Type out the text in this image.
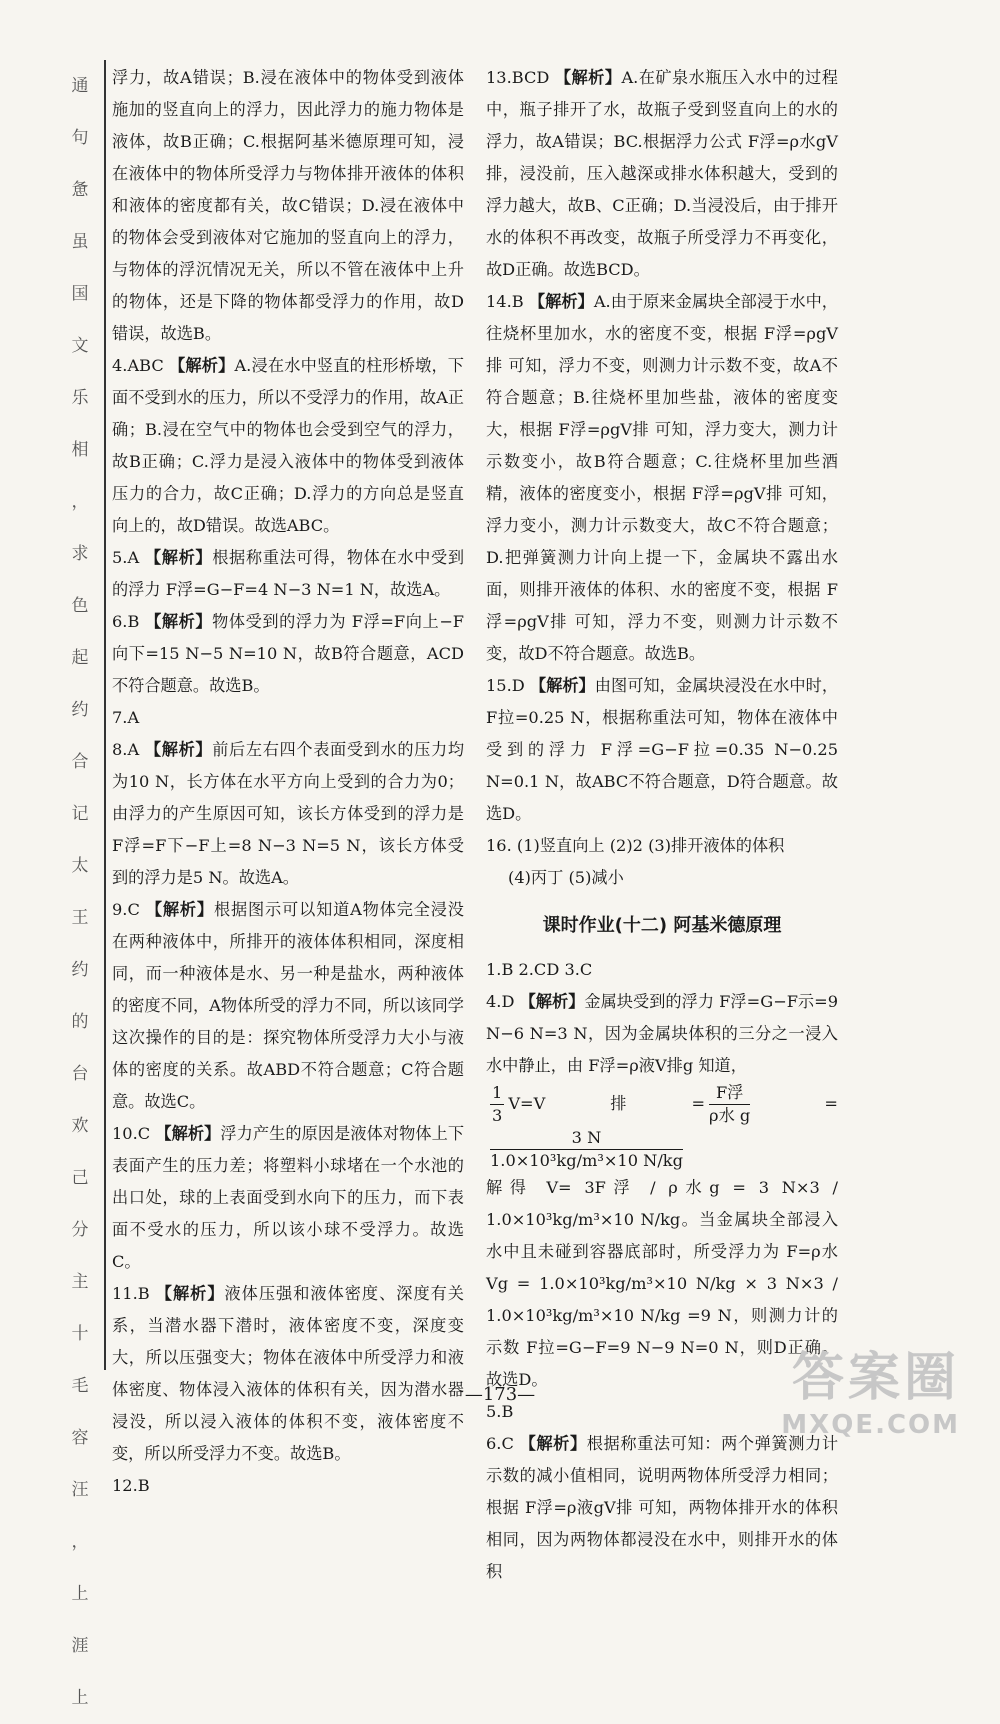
通
句
惫
虽
国
文
乐
相
，
求
色
起
约
合
记
太
王
约
的
台
欢
己
分
主
十
毛
容
汪
，
上
涯
上

浮力，故A错误；B.浸在液体中的物体受到液体施加的竖直向上的浮力，因此浮力的施力物体是液体，故B正确；C.根据阿基米德原理可知，浸在液体中的物体所受浮力与物体排开液体的体积和液体的密度都有关，故C错误；D.浸在液体中的物体会受到液体对它施加的竖直向上的浮力，与物体的浮沉情况无关，所以不管在液体中上升的物体，还是下降的物体都受浮力的作用，故D错误，故选B。

4.ABC 【解析】A.浸在水中竖直的柱形桥墩，下面不受到水的压力，所以不受浮力的作用，故A正确；B.浸在空气中的物体也会受到空气的浮力，故B正确；C.浮力是浸入液体中的物体受到液体压力的合力，故C正确；D.浮力的方向总是竖直向上的，故D错误。故选ABC。

5.A 【解析】根据称重法可得，物体在水中受到的浮力 F浮=G−F=4 N−3 N=1 N，故选A。

6.B 【解析】物体受到的浮力为 F浮=F向上−F向下=15 N−5 N=10 N，故B符合题意，ACD不符合题意。故选B。

7.A

8.A 【解析】前后左右四个表面受到水的压力均为10 N，长方体在水平方向上受到的合力为0；由浮力的产生原因可知，该长方体受到的浮力是 F浮=F下−F上=8 N−3 N=5 N，该长方体受到的浮力是5 N。故选A。

9.C 【解析】根据图示可以知道A物体完全浸没在两种液体中，所排开的液体体积相同，深度相同，而一种液体是水、另一种是盐水，两种液体的密度不同，A物体所受的浮力不同，所以该同学这次操作的目的是：探究物体所受浮力大小与液体的密度的关系。故ABD不符合题意；C符合题意。故选C。

10.C 【解析】浮力产生的原因是液体对物体上下表面产生的压力差；将塑料小球堵在一个水池的出口处，球的上表面受到水向下的压力，而下表面不受水的压力，所以该小球不受浮力。故选C。

11.B 【解析】液体压强和液体密度、深度有关系，当潜水器下潜时，液体密度不变，深度变大，所以压强变大；物体在液体中所受浮力和液体密度、物体浸入液体的体积有关，因为潜水器浸没，所以浸入液体的体积不变，液体密度不变，所以所受浮力不变。故选B。

12.B

13.BCD 【解析】A.在矿泉水瓶压入水中的过程中，瓶子排开了水，故瓶子受到竖直向上的水的浮力，故A错误；BC.根据浮力公式 F浮=ρ水gV排，浸没前，压入越深或排水体积越大，受到的浮力越大，故B、C正确；D.当浸没后，由于排开水的体积不再改变，故瓶子所受浮力不再变化，故D正确。故选BCD。

14.B 【解析】A.由于原来金属块全部浸于水中，往烧杯里加水，水的密度不变，根据 F浮=ρgV排 可知，浮力不变，则测力计示数不变，故A不符合题意；B.往烧杯里加些盐，液体的密度变大，根据 F浮=ρgV排 可知，浮力变大，测力计示数变小，故B符合题意；C.往烧杯里加些酒精，液体的密度变小，根据 F浮=ρgV排 可知，浮力变小，测力计示数变大，故C不符合题意；D.把弹簧测力计向上提一下，金属块不露出水面，则排开液体的体积、水的密度不变，根据 F浮=ρgV排 可知，浮力不变，则测力计示数不变，故D不符合题意。故选B。

15.D 【解析】由图可知，金属块浸没在水中时，F拉=0.25 N，根据称重法可知，物体在液体中受到的浮力 F浮=G−F拉=0.35 N−0.25 N=0.1 N，故ABC不符合题意，D符合题意。故选D。

16. (1)竖直向上 (2)2 (3)排开液体的体积

(4)丙丁 (5)减小

课时作业(十二) 阿基米德原理

1.B 2.CD 3.C

4.D 【解析】金属块受到的浮力 F浮=G−F示=9 N−6 N=3 N，因为金属块体积的三分之一浸入水中静止，由 F浮=ρ液V排g 知道，

$\frac{1}{3} V=V$排= $\frac{\text{F浮}}{\text{ρ水 g}}$ =
$\frac{3 N}{\text{1.0×10³kg/m³×10 N/kg}}$

解得 V= 3F浮 / ρ水g = 3 N×3 / 1.0×10³kg/m³×10 N/kg。当金属块全部浸入水中且未碰到容器底部时，所受浮力为 F=ρ水Vg = 1.0×10³kg/m³×10 N/kg × 3 N×3 / 1.0×10³kg/m³×10 N/kg =9 N，则测力计的示数 F拉=G−F=9 N−9 N=0 N，则D正确。故选D。

5.B

6.C 【解析】根据称重法可知：两个弹簧测力计示数的减小值相同，说明两物体所受浮力相同；根据 F浮=ρ液gV排 可知，两物体排开水的体积相同，因为两物体都浸没在水中，则排开水的体积

—173—	答案圈
MXQE.COM
